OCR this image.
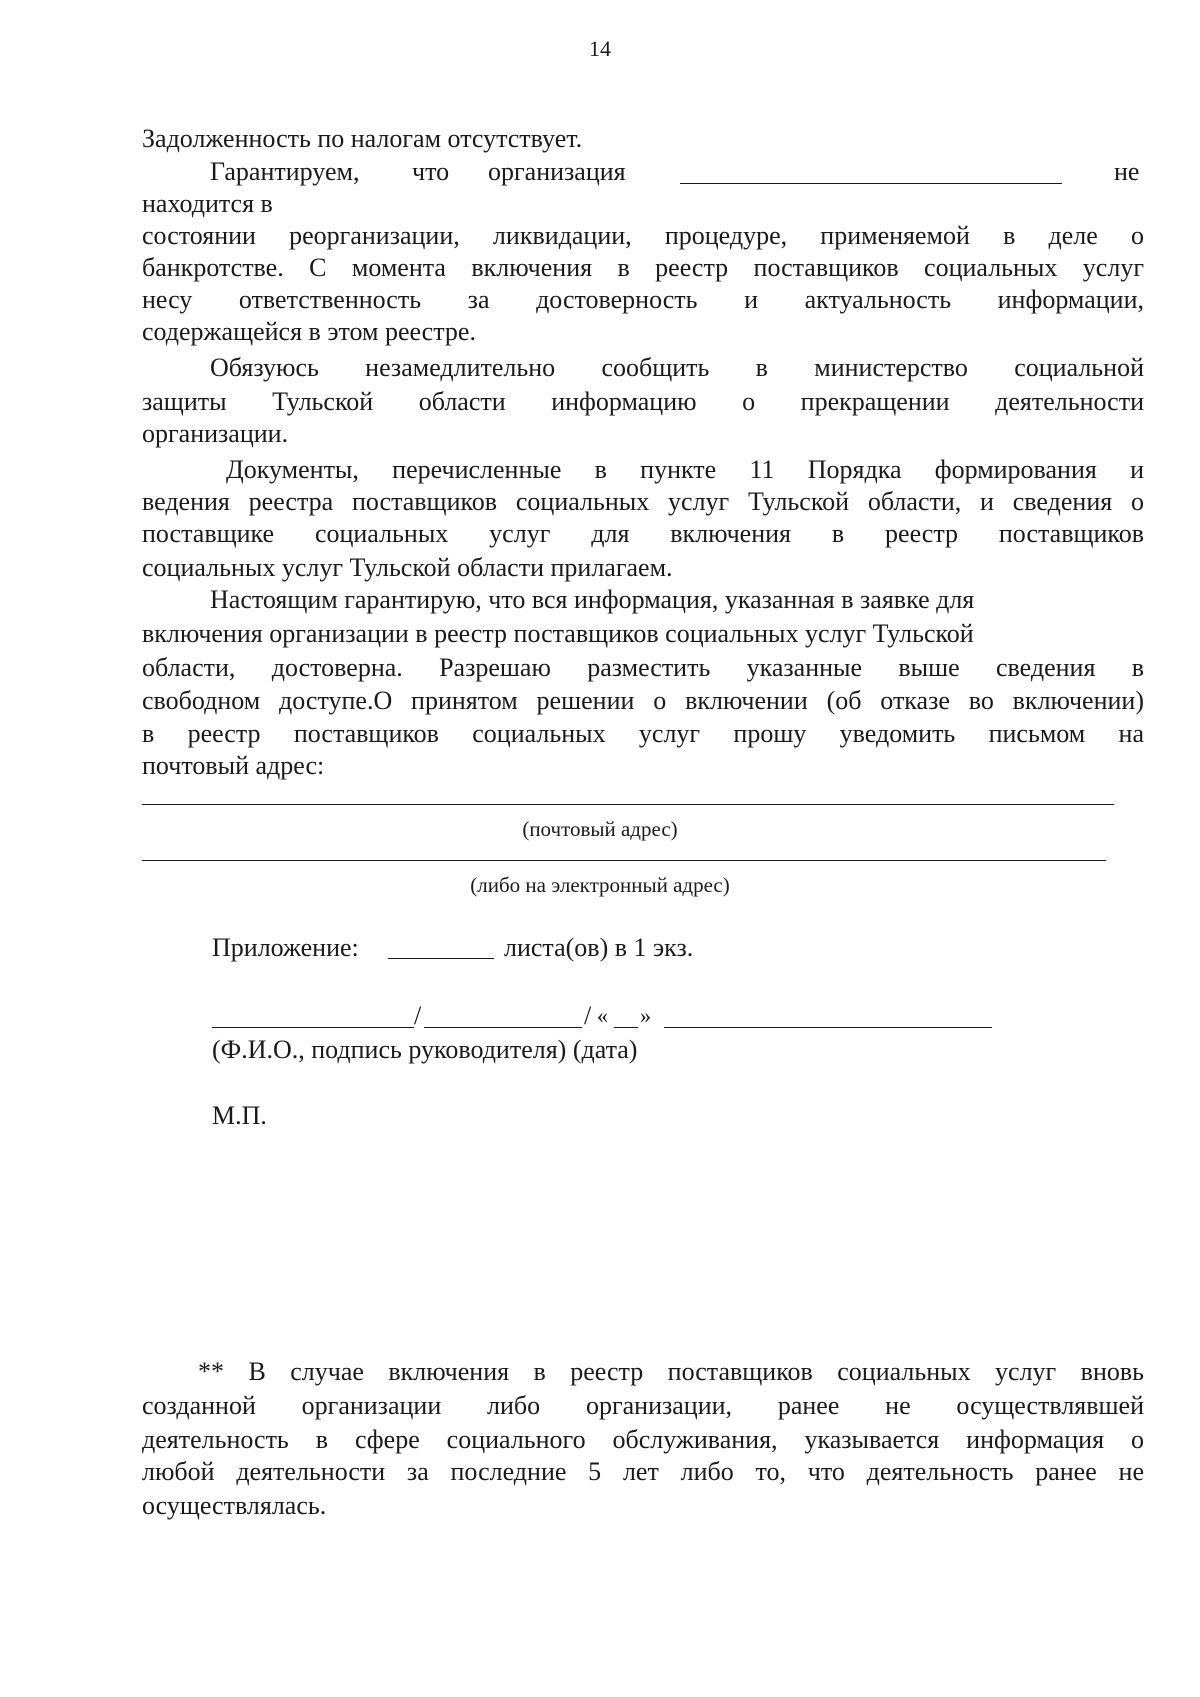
14
Задолженность по налогам отсутствует.
Гарантируем, что организация	не
находится в
состоянии реорганизации, ликвидации, процедуре, применяемой в деле о
банкротстве. С момента включения в реестр поставщиков социальных услуг
несу ответственность за достоверность и актуальность информации,
содержащейся в этом реестре.
Обязуюсь незамедлительно сообщить в министерство социальной
защиты Тульской области информацию о прекращении деятельности
организации.
Документы, перечисленные в пункте 11 Порядка формирования и
ведения реестра поставщиков социальных услуг Тульской области, и сведения о
поставщике социальных услуг для включения в реестр поставщиков
социальных услуг Тульской области прилагаем.
Настоящим гарантирую, что вся информация, указанная в заявке для
включения организации в реестр поставщиков социальных услуг Тульской
области, достоверна. Разрешаю разместить указанные выше сведения в
свободном доступе.О принятом решении о включении (об отказе во включении)
в реестр поставщиков социальных услуг прошу уведомить письмом на
почтовый адрес:
(почтовый адрес)
(либо на электронный адрес)
Приложение:	листа(ов) в 1 экз.
/	/ « »
(Ф.И.О., подпись руководителя) (дата)
М.П.
** В случае включения в реестр поставщиков социальных услуг вновь
созданной организации либо организации, ранее не осуществлявшей
деятельность в сфере социального обслуживания, указывается информация о
любой деятельности за последние 5 лет либо то, что деятельность ранее не
осуществлялась.
